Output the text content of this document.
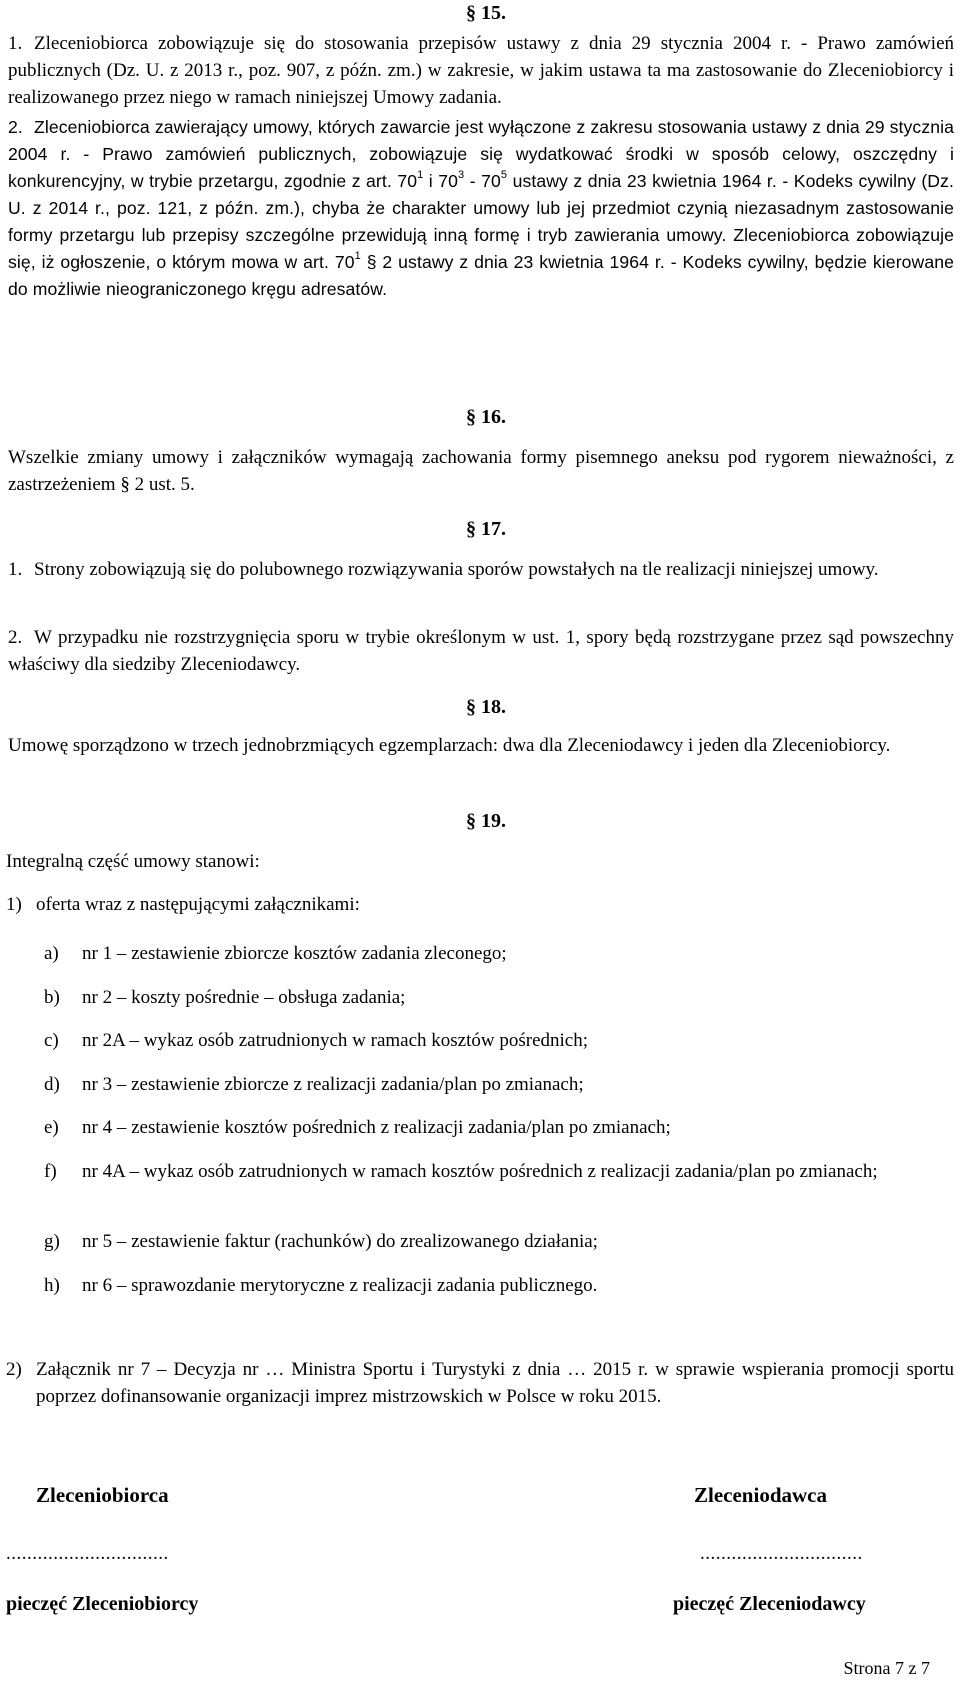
§ 15.
1. Zleceniobiorca zobowiązuje się do stosowania przepisów ustawy z dnia 29 stycznia 2004 r. - Prawo zamówień publicznych (Dz. U. z 2013 r., poz. 907, z późn. zm.) w zakresie, w jakim ustawa ta ma zastosowanie do Zleceniobiorcy i realizowanego przez niego w ramach niniejszej Umowy zadania.
2. Zleceniobiorca zawierający umowy, których zawarcie jest wyłączone z zakresu stosowania ustawy z dnia 29 stycznia 2004 r. - Prawo zamówień publicznych, zobowiązuje się wydatkować środki w sposób celowy, oszczędny i konkurencyjny, w trybie przetargu, zgodnie z art. $70^1$ i $70^3 - 70^5$ ustawy z dnia 23 kwietnia 1964 r. - Kodeks cywilny (Dz. U. z 2014 r., poz. 121, z późn. zm.), chyba że charakter umowy lub jej przedmiot czynią niezasadnym zastosowanie formy przetargu lub przepisy szczególne przewidują inną formę i tryb zawierania umowy. Zleceniobiorca zobowiązuje się, iż ogłoszenie, o którym mowa w art. $70^1$ § 2 ustawy z dnia 23 kwietnia 1964 r. - Kodeks cywilny, będzie kierowane do możliwie nieograniczonego kręgu adresatów.
§ 16.

Wszelkie zmiany umowy i załączników wymagają zachowania formy pisemnego aneksu pod rygorem nieważności, z zastrzeżeniem § 2 ust. 5.

§ 17.
1. Strony zobowiązują się do polubownego rozwiązywania sporów powstałych na tle realizacji niniejszej umowy.
2. W przypadku nie rozstrzygnięcia sporu w trybie określonym w ust. 1, spory będą rozstrzygane przez sąd powszechny właściwy dla siedziby Zleceniodawcy.
§ 18.

Umowę sporządzono w trzech jednobrzmiących egzemplarzach: dwa dla Zleceniodawcy i jeden dla Zleceniobiorcy.

§ 19.

Integralną część umowy stanowi:

1) oferta wraz z następującymi załącznikami:
a) nr 1 – zestawienie zbiorcze kosztów zadania zleconego;
b) nr 2 – koszty pośrednie – obsługa zadania;
c) nr 2A – wykaz osób zatrudnionych w ramach kosztów pośrednich;
d) nr 3 – zestawienie zbiorcze z realizacji zadania/plan po zmianach;
e) nr 4 – zestawienie kosztów pośrednich z realizacji zadania/plan po zmianach;
f) nr 4A – wykaz osób zatrudnionych w ramach kosztów pośrednich z realizacji zadania/plan po zmianach;
g) nr 5 – zestawienie faktur (rachunków) do zrealizowanego działania;
h) nr 6 – sprawozdanie merytoryczne z realizacji zadania publicznego.
2) Załącznik nr 7 – Decyzja nr … Ministra Sportu i Turystyki z dnia … 2015 r. w sprawie wspierania promocji sportu poprzez dofinansowanie organizacji imprez mistrzowskich w Polsce w roku 2015.
Zleceniobiorca	Zleceniodawca
...............................	...............................
pieczęć Zleceniobiorcy	pieczęć Zleceniodawcy
Strona 7 z 7
